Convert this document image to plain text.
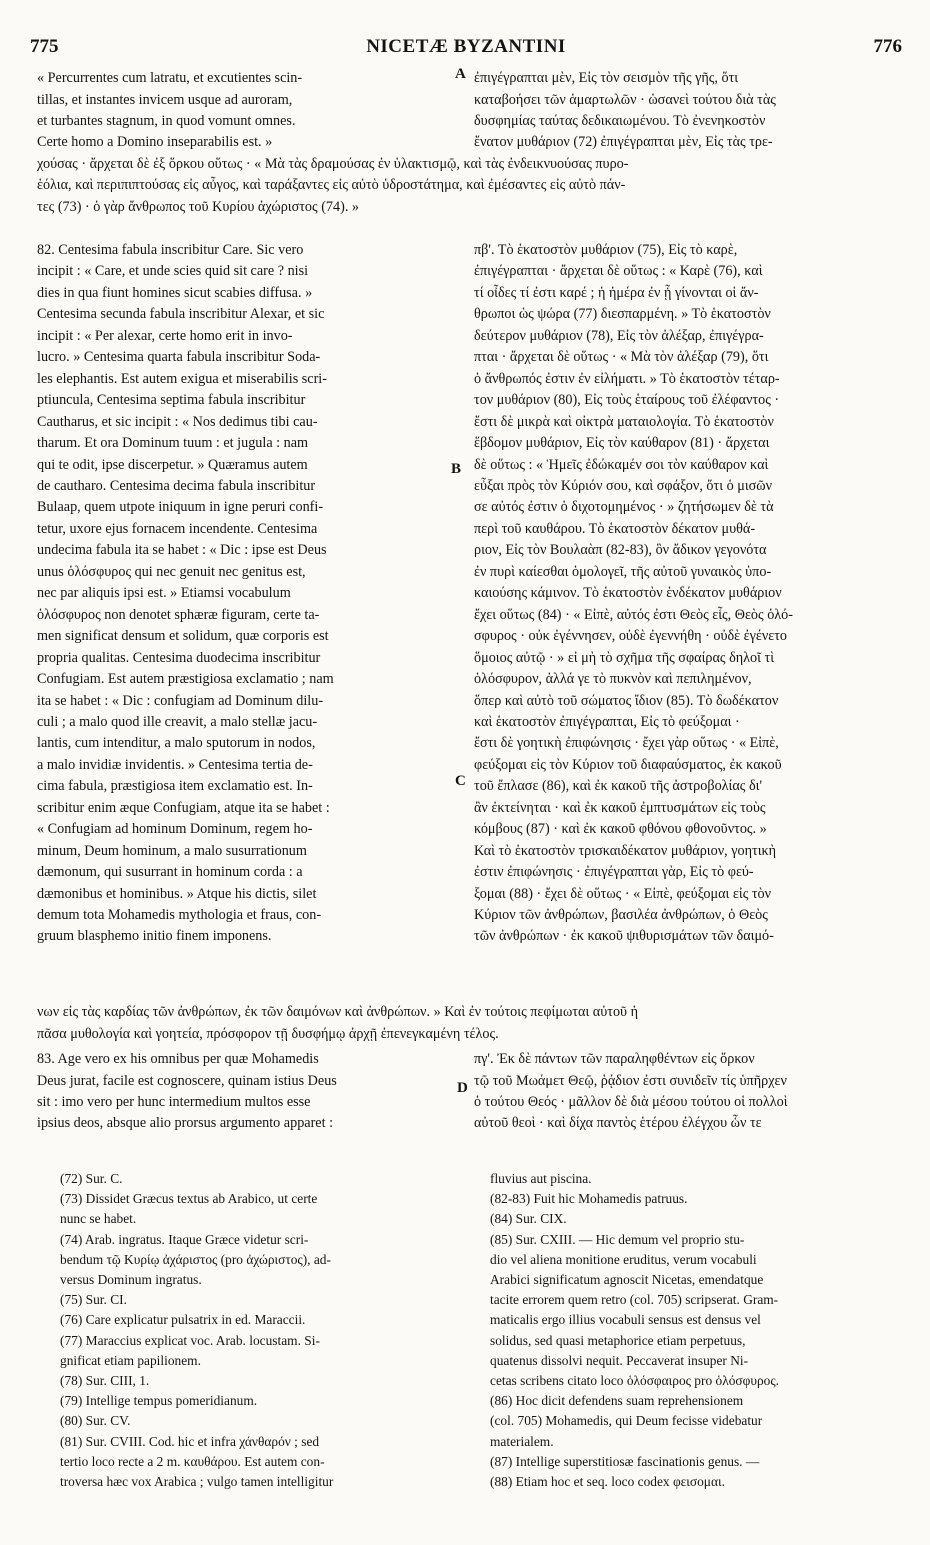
775	NICETÆ BYZANTINI	776
A
B
C
D
« Percurrentes cum latratu, et excutientes scin-
tillas, et instantes invicem usque ad auroram,
et turbantes stagnum, in quod vomunt omnes.
Certe homo a Domino inseparabilis est. »
ἐπιγέγραπται μὲν, Εἰς τὸν σεισμὸν τῆς γῆς, ὅτι
καταβοήσει τῶν ἁμαρτωλῶν · ὡσανεὶ τούτου διὰ τὰς
δυσφημίας ταύτας δεδικαιωμένου. Τὸ ἐνενηκοστὸν
ἔνατον μυθάριον (72) ἐπιγέγραπται μὲν, Εἰς τὰς τρε-
χούσας · ἄρχεται δὲ ἐξ ὅρκου οὕτως · « Μὰ τὰς δραμούσας ἐν ὑλακτισμῷ, καὶ τὰς ἐνδεικνυούσας πυρο-
ἑόλια, καὶ περιπιπτούσας εἰς αὖγος, καὶ ταράξαντες εἰς αὐτὸ ὑδροστάτημα, καὶ ἐμέσαντες εἰς αὐτὸ πάν-
τες (73) · ὁ γὰρ ἄνθρωπος τοῦ Κυρίου ἀχώριστος (74). »
82. Centesima fabula inscribitur Care. Sic vero
incipit : « Care, et unde scies quid sit care ? nisi
dies in qua fiunt homines sicut scabies diffusa. »
Centesima secunda fabula inscribitur Alexar, et sic
incipit : « Per alexar, certe homo erit in invo-
lucro. » Centesima quarta fabula inscribitur Soda-
les elephantis. Est autem exigua et miserabilis scri-
ptiuncula, Centesima septima fabula inscribitur
Cautharus, et sic incipit : « Nos dedimus tibi cau-
tharum. Et ora Dominum tuum : et jugula : nam
qui te odit, ipse discerpetur. » Quæramus autem
de cautharo. Centesima decima fabula inscribitur
Bulaap, quem utpote iniquum in igne peruri confi-
tetur, uxore ejus fornacem incendente. Centesima
undecima fabula ita se habet : « Dic : ipse est Deus
unus ὁλόσφυρος qui nec genuit nec genitus est,
nec par aliquis ipsi est. » Etiamsi vocabulum
ὁλόσφυρος non denotet sphæræ figuram, certe ta-
men significat densum et solidum, quæ corporis est
propria qualitas. Centesima duodecima inscribitur
Confugiam. Est autem præstigiosa exclamatio ; nam
ita se habet : « Dic : confugiam ad Dominum dilu-
culi ; a malo quod ille creavit, a malo stellæ jacu-
lantis, cum intenditur, a malo sputorum in nodos,
a malo invidiæ invidentis. » Centesima tertia de-
cima fabula, præstigiosa item exclamatio est. In-
scribitur enim æque Confugiam, atque ita se habet :
« Confugiam ad hominum Dominum, regem ho-
minum, Deum hominum, a malo susurrationum
dæmonum, qui susurrant in hominum corda : a
dæmonibus et hominibus. » Atque his dictis, silet
demum tota Mohamedis mythologia et fraus, con-
gruum blasphemo initio finem imponens.
πβ'. Τὸ ἑκατοστὸν μυθάριον (75), Εἰς τὸ καρὲ,
ἐπιγέγραπται · ἄρχεται δὲ οὕτως : « Καρὲ (76), καὶ
τί οἶδες τί ἐστι καρέ ; ἡ ἡμέρα ἐν ᾗ γίνονται οἱ ἄν-
θρωποι ὡς ψώρα (77) διεσπαρμένη. » Τὸ ἑκατοστὸν
δεύτερον μυθάριον (78), Εἰς τὸν ἀλέξαρ, ἐπιγέγρα-
πται · ἄρχεται δὲ οὕτως · « Μὰ τὸν ἀλέξαρ (79), ὅτι
ὁ ἄνθρωπός ἐστιν ἐν εἰλήματι. » Τὸ ἑκατοστὸν τέταρ-
τον μυθάριον (80), Εἰς τοὺς ἑταίρους τοῦ ἐλέφαντος ·
ἔστι δὲ μικρὰ καὶ οἰκτρὰ ματαιολογία. Τὸ ἑκατοστὸν
ἕβδομον μυθάριον, Εἰς τὸν καύθαρον (81) · ἄρχεται
δὲ οὕτως : « Ἡμεῖς ἐδώκαμέν σοι τὸν καύθαρον καὶ
εὖξαι πρὸς τὸν Κύριόν σου, καὶ σφάξον, ὅτι ὁ μισῶν
σε αὐτός ἐστιν ὁ διχοτομημένος · » ζητήσωμεν δὲ τὰ
περὶ τοῦ καυθάρου. Τὸ ἑκατοστὸν δέκατον μυθά-
ριον, Εἰς τὸν Βουλαὰπ (82-83), ὃν ἄδικον γεγονότα
ἐν πυρὶ καίεσθαι ὁμολογεῖ, τῆς αὐτοῦ γυναικὸς ὑπο-
καιούσης κάμινον. Τὸ ἑκατοστὸν ἑνδέκατον μυθάριον
ἔχει οὕτως (84) · « Εἰπὲ, αὐτός ἐστι Θεὸς εἷς, Θεὸς ὁλό-
σφυρος · οὐκ ἐγέννησεν, οὐδὲ ἐγεννήθη · οὐδὲ ἐγένετο
ὅμοιος αὐτῷ · » εἰ μὴ τὸ σχῆμα τῆς σφαίρας δηλοῖ τὶ
ὁλόσφυρον, ἀλλά γε τὸ πυκνὸν καὶ πεπιλημένον,
ὅπερ καὶ αὐτὸ τοῦ σώματος ἴδιον (85). Τὸ δωδέκατον
καὶ ἑκατοστὸν ἐπιγέγραπται, Εἰς τὸ φεύξομαι ·
ἔστι δὲ γοητικὴ ἐπιφώνησις · ἔχει γὰρ οὕτως · « Εἰπὲ,
φεύξομαι εἰς τὸν Κύριον τοῦ διαφαύσματος, ἐκ κακοῦ
τοῦ ἔπλασε (86), καὶ ἐκ κακοῦ τῆς ἀστροβολίας δι'
ἂν ἐκτείνηται · καὶ ἐκ κακοῦ ἐμπτυσμάτων εἰς τοὺς
κόμβους (87) · καὶ ἐκ κακοῦ φθόνου φθονοῦντος. »
Καὶ τὸ ἑκατοστὸν τρισκαιδέκατον μυθάριον, γοητικὴ
ἐστιν ἐπιφώνησις · ἐπιγέγραπται γὰρ, Εἰς τὸ φεύ-
ξομαι (88) · ἔχει δὲ οὕτως · « Εἰπὲ, φεύξομαι εἰς τὸν
Κύριον τῶν ἀνθρώπων, βασιλέα ἀνθρώπων, ὁ Θεὸς
τῶν ἀνθρώπων · ἐκ κακοῦ ψιθυρισμάτων τῶν δαιμό-
νων εἰς τὰς καρδίας τῶν ἀνθρώπων, ἐκ τῶν δαιμόνων καὶ ἀνθρώπων. » Καὶ ἐν τούτοις πεφίμωται αὐτοῦ ἡ
πᾶσα μυθολογία καὶ γοητεία, πρόσφορον τῇ δυσφήμῳ ἀρχῇ ἐπενεγκαμένη τέλος.
83. Age vero ex his omnibus per quæ Mohamedis
Deus jurat, facile est cognoscere, quinam istius Deus
sit : imo vero per hunc intermedium multos esse
ipsius deos, absque alio prorsus argumento apparet :
πγ'. Ἐκ δὲ πάντων τῶν παραληφθέντων εἰς ὅρκον
τῷ τοῦ Μωάμετ Θεῷ, ῥᾴδιον ἐστι συνιδεῖν τίς ὑπῆρχεν
ὁ τούτου Θεός · μᾶλλον δὲ διὰ μέσου τούτου οἱ πολλοὶ
αὐτοῦ θεοὶ · καὶ δίχα παντὸς ἑτέρου ἐλέγχου ὧν τε
(72) Sur. C.
(73) Dissidet Græcus textus ab Arabico, ut certe
nunc se habet.
(74) Arab. ingratus. Itaque Græce videtur scri-
bendum τῷ Κυρίῳ ἀχάριστος (pro ἀχώριστος), ad-
versus Dominum ingratus.
(75) Sur. CI.
(76) Care explicatur pulsatrix in ed. Maraccii.
(77) Maraccius explicat voc. Arab. locustam. Si-
gnificat etiam papilionem.
(78) Sur. CIII, 1.
(79) Intellige tempus pomeridianum.
(80) Sur. CV.
(81) Sur. CVIII. Cod. hic et infra χάνθαρόν ; sed
tertio loco recte a 2 m. καυθάρου. Est autem con-
troversa hæc vox Arabica ; vulgo tamen intelligitur
fluvius aut piscina.
(82-83) Fuit hic Mohamedis patruus.
(84) Sur. CIX.
(85) Sur. CXIII. — Hic demum vel proprio stu-
dio vel aliena monitione eruditus, verum vocabuli
Arabici significatum agnoscit Nicetas, emendatque
tacite errorem quem retro (col. 705) scripserat. Gram-
maticalis ergo illius vocabuli sensus est densus vel
solidus, sed quasi metaphorice etiam perpetuus,
quatenus dissolvi nequit. Peccaverat insuper Ni-
cetas scribens citato loco ὁλόσφαιρος pro ὁλόσφυρος.
(86) Hoc dicit defendens suam reprehensionem
(col. 705) Mohamedis, qui Deum fecisse videbatur
materialem.
(87) Intellige superstitiosæ fascinationis genus. —
(88) Etiam hoc et seq. loco codex φεισομαι.
